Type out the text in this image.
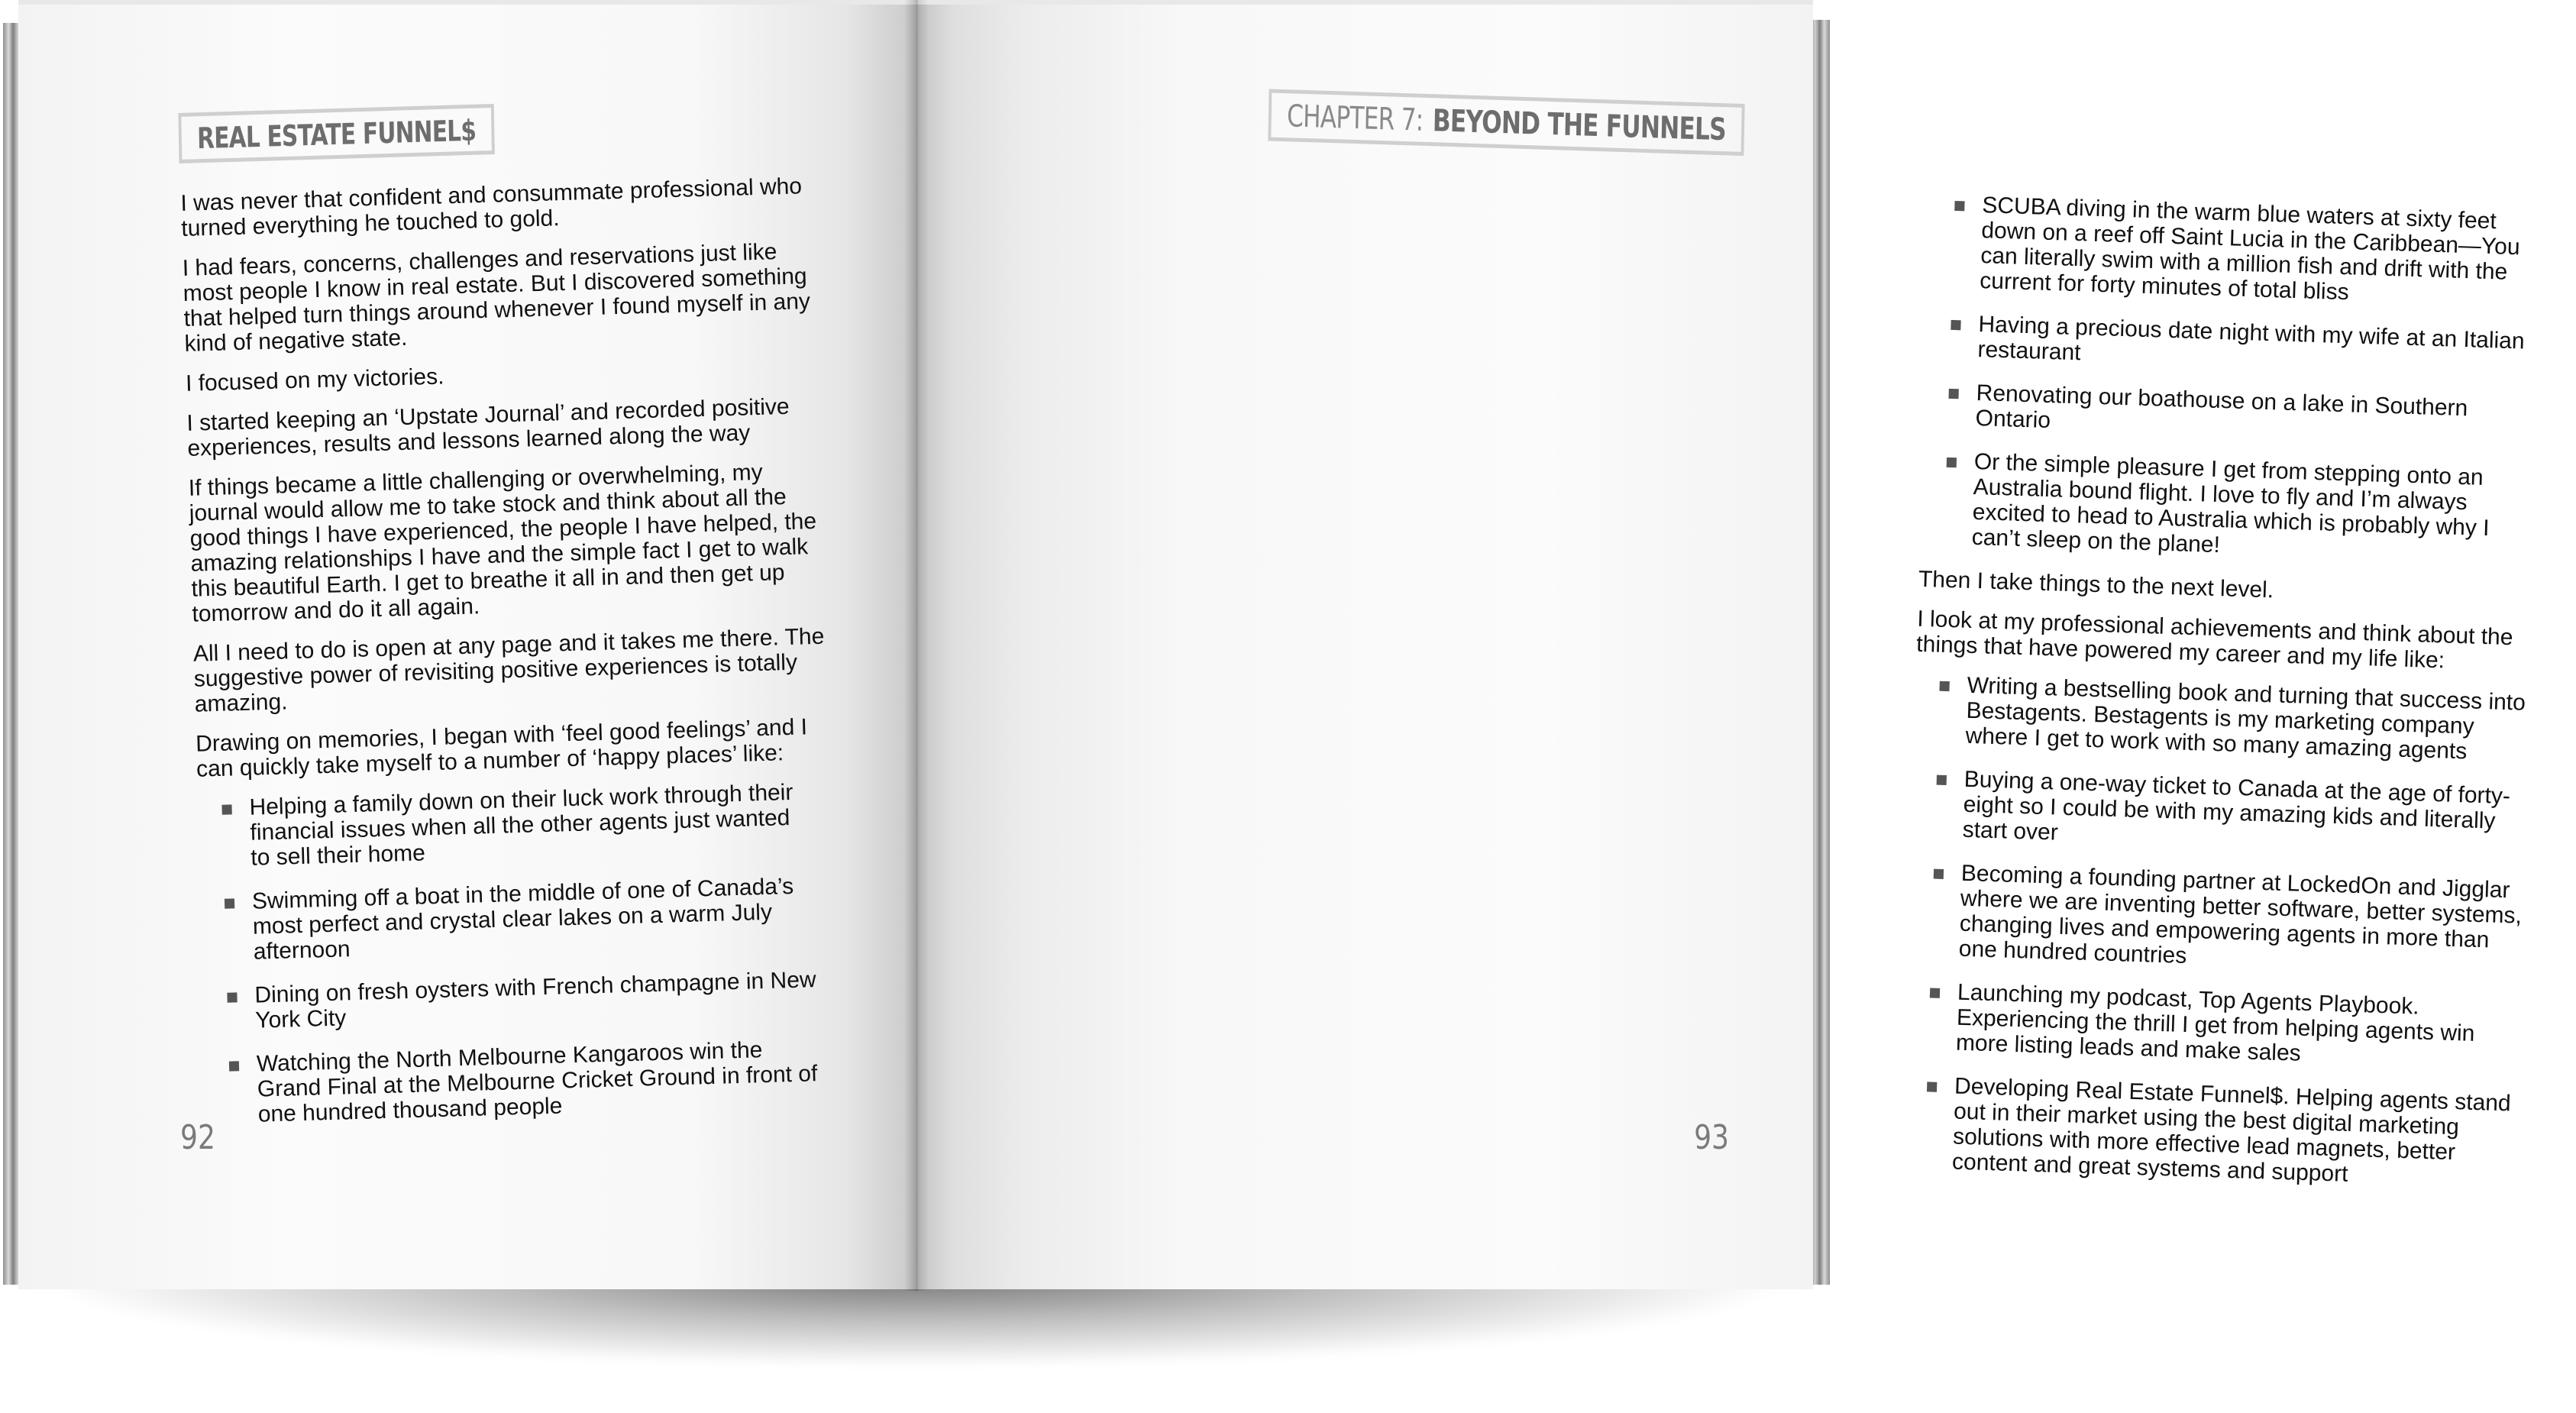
REAL ESTATE FUNNEL$

I was never that confident and consummate professional who turned everything he touched to gold.

I had fears, concerns, challenges and reservations just like most people I know in real estate. But I discovered something that helped turn things around whenever I found myself in any kind of negative state.

I focused on my victories.

I started keeping an ‘Upstate Journal’ and recorded positive experiences, results and lessons learned along the way

If things became a little challenging or overwhelming, my journal would allow me to take stock and think about all the good things I have experienced, the people I have helped, the amazing relationships I have and the simple fact I get to walk this beautiful Earth. I get to breathe it all in and then get up tomorrow and do it all again.

All I need to do is open at any page and it takes me there. The suggestive power of revisiting positive experiences is totally amazing.

Drawing on memories, I began with ‘feel good feelings’ and I can quickly take myself to a number of ‘happy places’ like:

Helping a family down on their luck work through their financial issues when all the other agents just wanted to sell their home
Swimming off a boat in the middle of one of Canada’s most perfect and crystal clear lakes on a warm July afternoon
Dining on fresh oysters with French champagne in New York City
Watching the North Melbourne Kangaroos win the Grand Final at the Melbourne Cricket Ground in front of one hundred thousand people
92
CHAPTER 7: BEYOND THE FUNNELS
SCUBA diving in the warm blue waters at sixty feet down on a reef off Saint Lucia in the Caribbean—You can literally swim with a million fish and drift with the current for forty minutes of total bliss
Having a precious date night with my wife at an Italian restaurant
Renovating our boathouse on a lake in Southern Ontario
Or the simple pleasure I get from stepping onto an Australia bound flight. I love to fly and I’m always excited to head to Australia which is probably why I can’t sleep on the plane!

Then I take things to the next level.

I look at my professional achievements and think about the things that have powered my career and my life like:

Writing a bestselling book and turning that success into Bestagents. Bestagents is my marketing company where I get to work with so many amazing agents
Buying a one-way ticket to Canada at the age of forty-eight so I could be with my amazing kids and literally start over
Becoming a founding partner at LockedOn and Jigglar where we are inventing better software, better systems, changing lives and empowering agents in more than one hundred countries
Launching my podcast, Top Agents Playbook. Experiencing the thrill I get from helping agents win more listing leads and make sales
Developing Real Estate Funnel$. Helping agents stand out in their market using the best digital marketing solutions with more effective lead magnets, better content and great systems and support
93
